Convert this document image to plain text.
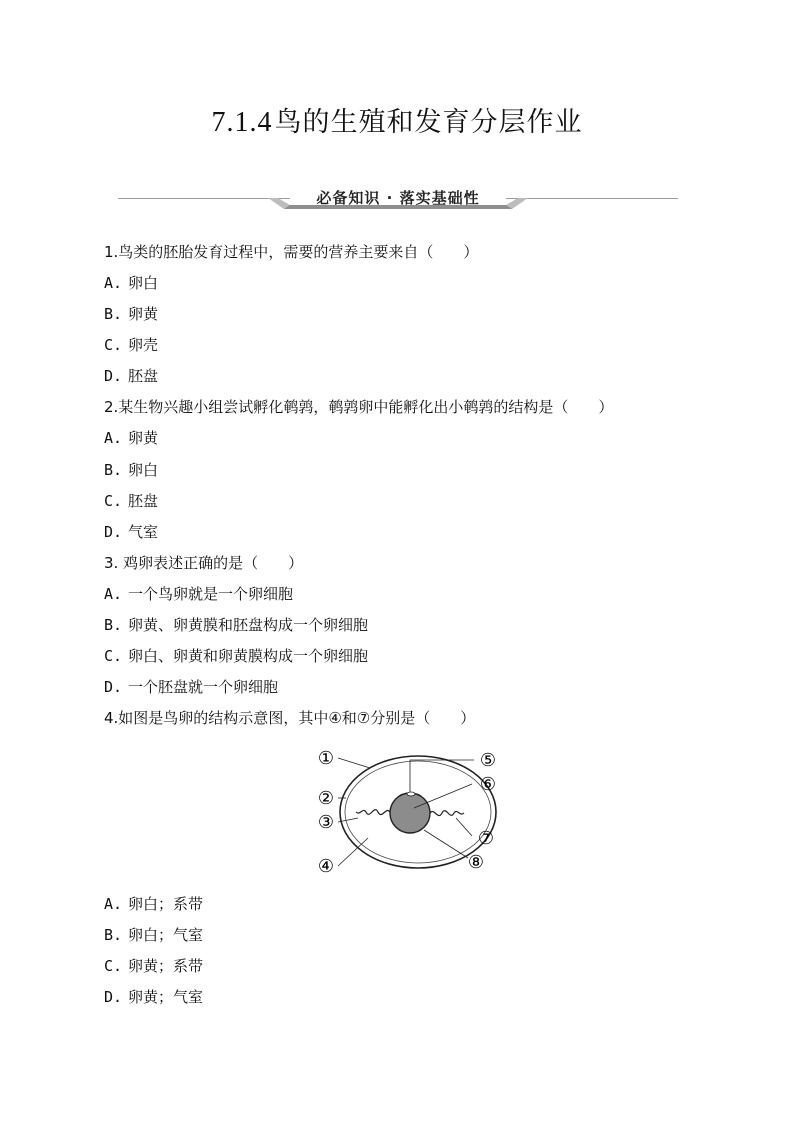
7.1.4鸟的生殖和发育分层作业
必备知识 · 落实基础性
1.鸟类的胚胎发育过程中，需要的营养主要来自（　　）
A. 卵白
B. 卵黄
C. 卵壳
D. 胚盘
2.某生物兴趣小组尝试孵化鹌鹑，鹌鹑卵中能孵化出小鹌鹑的结构是（　　）
A. 卵黄
B. 卵白
C. 胚盘
D. 气室
3. 鸡卵表述正确的是（　　）
A. 一个鸟卵就是一个卵细胞
B. 卵黄、卵黄膜和胚盘构成一个卵细胞
C. 卵白、卵黄和卵黄膜构成一个卵细胞
D. 一个胚盘就一个卵细胞
4.如图是鸟卵的结构示意图，其中④和⑦分别是（　　）
①
②
③
④
⑤
⑥
⑦
⑧
A. 卵白；系带
B. 卵白；气室
C. 卵黄；系带
D. 卵黄；气室
